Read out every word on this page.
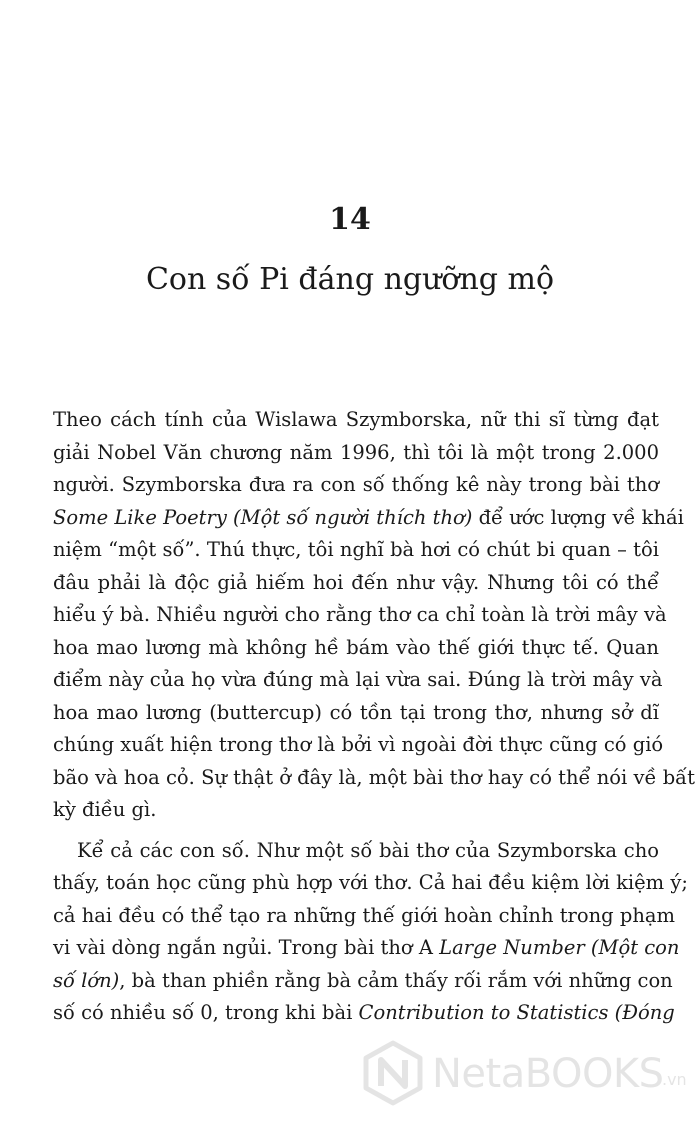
14
Con số Pi đáng ngưỡng mộ

Theo cách tính của Wislawa Szymborska, nữ thi sĩ từng đạt
giải Nobel Văn chương năm 1996, thì tôi là một trong 2.000
người. Szymborska đưa ra con số thống kê này trong bài thơ
Some Like Poetry (Một số người thích thơ) để ước lượng về khái
niệm “một số”. Thú thực, tôi nghĩ bà hơi có chút bi quan – tôi
đâu phải là độc giả hiếm hoi đến như vậy. Nhưng tôi có thể
hiểu ý bà. Nhiều người cho rằng thơ ca chỉ toàn là trời mây và
hoa mao lương mà không hề bám vào thế giới thực tế. Quan
điểm này của họ vừa đúng mà lại vừa sai. Đúng là trời mây và
hoa mao lương (buttercup) có tồn tại trong thơ, nhưng sở dĩ
chúng xuất hiện trong thơ là bởi vì ngoài đời thực cũng có gió
bão và hoa cỏ. Sự thật ở đây là, một bài thơ hay có thể nói về bất
kỳ điều gì.

Kể cả các con số. Như một số bài thơ của Szymborska cho
thấy, toán học cũng phù hợp với thơ. Cả hai đều kiệm lời kiệm ý;
cả hai đều có thể tạo ra những thế giới hoàn chỉnh trong phạm
vi vài dòng ngắn ngủi. Trong bài thơ A Large Number (Một con
số lớn), bà than phiền rằng bà cảm thấy rối rắm với những con
số có nhiều số 0, trong khi bài Contribution to Statistics (Đóng

NetaBOOKS
.vn
